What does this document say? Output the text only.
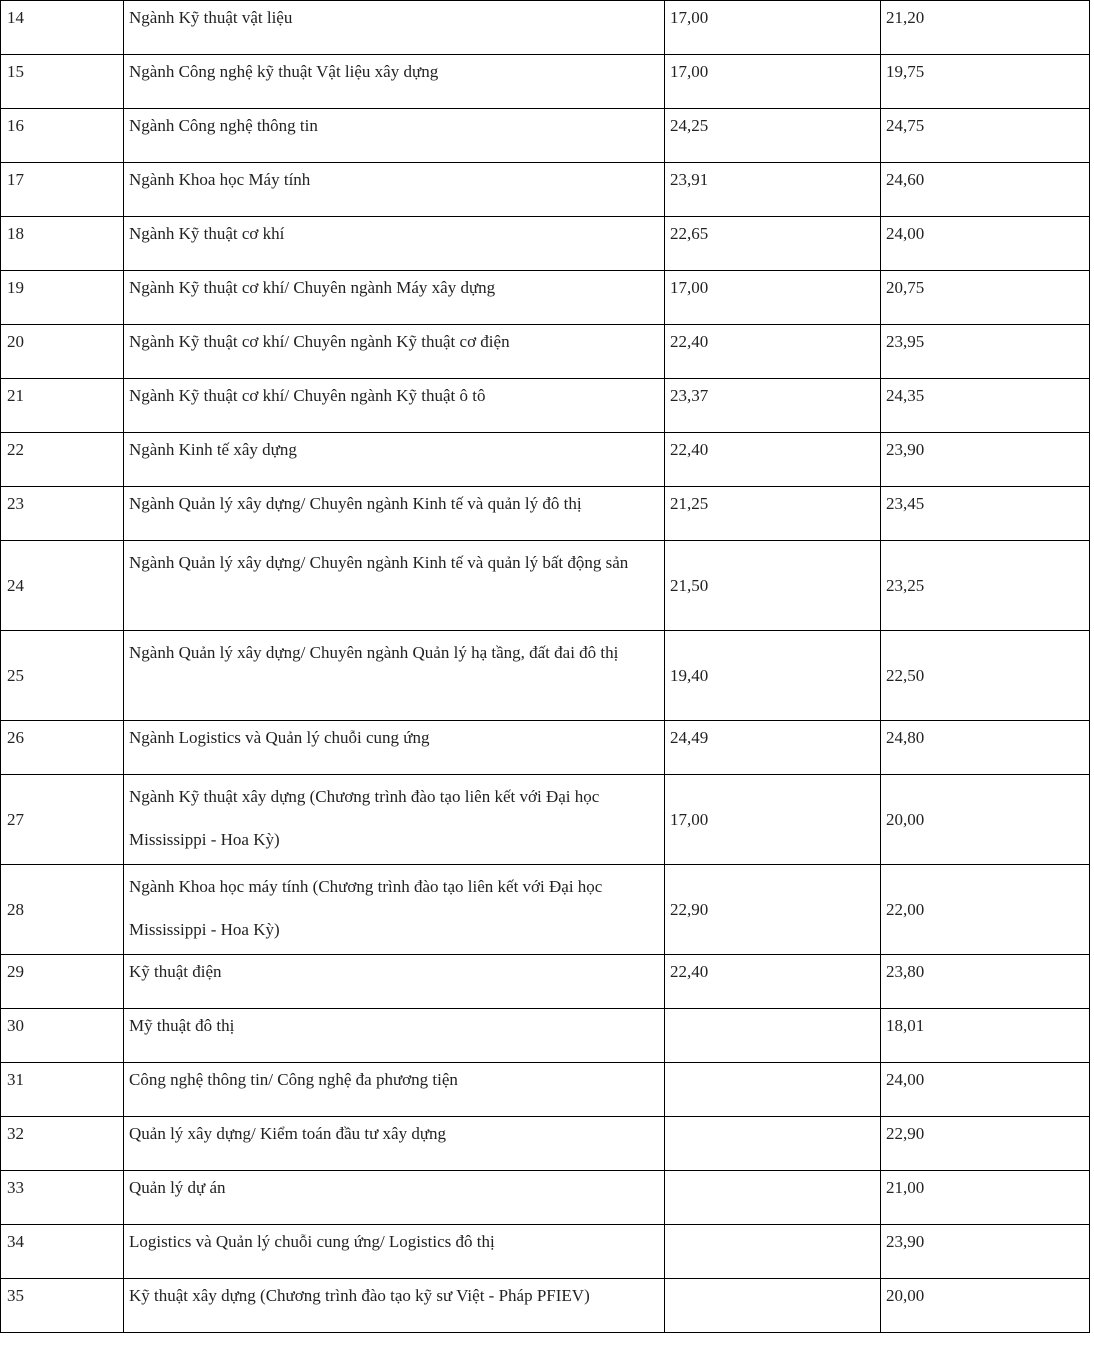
14	Ngành Kỹ thuật vật liệu	17,00	21,20
15	Ngành Công nghệ kỹ thuật Vật liệu xây dựng	17,00	19,75
16	Ngành Công nghệ thông tin	24,25	24,75
17	Ngành Khoa học Máy tính	23,91	24,60
18	Ngành Kỹ thuật cơ khí	22,65	24,00
19	Ngành Kỹ thuật cơ khí/ Chuyên ngành Máy xây dựng	17,00	20,75
20	Ngành Kỹ thuật cơ khí/ Chuyên ngành Kỹ thuật cơ điện	22,40	23,95
21	Ngành Kỹ thuật cơ khí/ Chuyên ngành Kỹ thuật ô tô	23,37	24,35
22	Ngành Kinh tế xây dựng	22,40	23,90
23	Ngành Quản lý xây dựng/ Chuyên ngành Kinh tế và quản lý đô thị	21,25	23,45
24	Ngành Quản lý xây dựng/ Chuyên ngành Kinh tế và quản lý bất động sản	21,50	23,25
25	Ngành Quản lý xây dựng/ Chuyên ngành Quản lý hạ tầng, đất đai đô thị	19,40	22,50
26	Ngành Logistics và Quản lý chuỗi cung ứng	24,49	24,80
27	Ngành Kỹ thuật xây dựng (Chương trình đào tạo liên kết với Đại học Mississippi - Hoa Kỳ)	17,00	20,00
28	Ngành Khoa học máy tính (Chương trình đào tạo liên kết với Đại học Mississippi - Hoa Kỳ)	22,90	22,00
29	Kỹ thuật điện	22,40	23,80
30	Mỹ thuật đô thị		18,01
31	Công nghệ thông tin/ Công nghệ đa phương tiện		24,00
32	Quản lý xây dựng/ Kiểm toán đầu tư xây dựng		22,90
33	Quản lý dự án		21,00
34	Logistics và Quản lý chuỗi cung ứng/ Logistics đô thị		23,90
35	Kỹ thuật xây dựng (Chương trình đào tạo kỹ sư Việt - Pháp PFIEV)		20,00
